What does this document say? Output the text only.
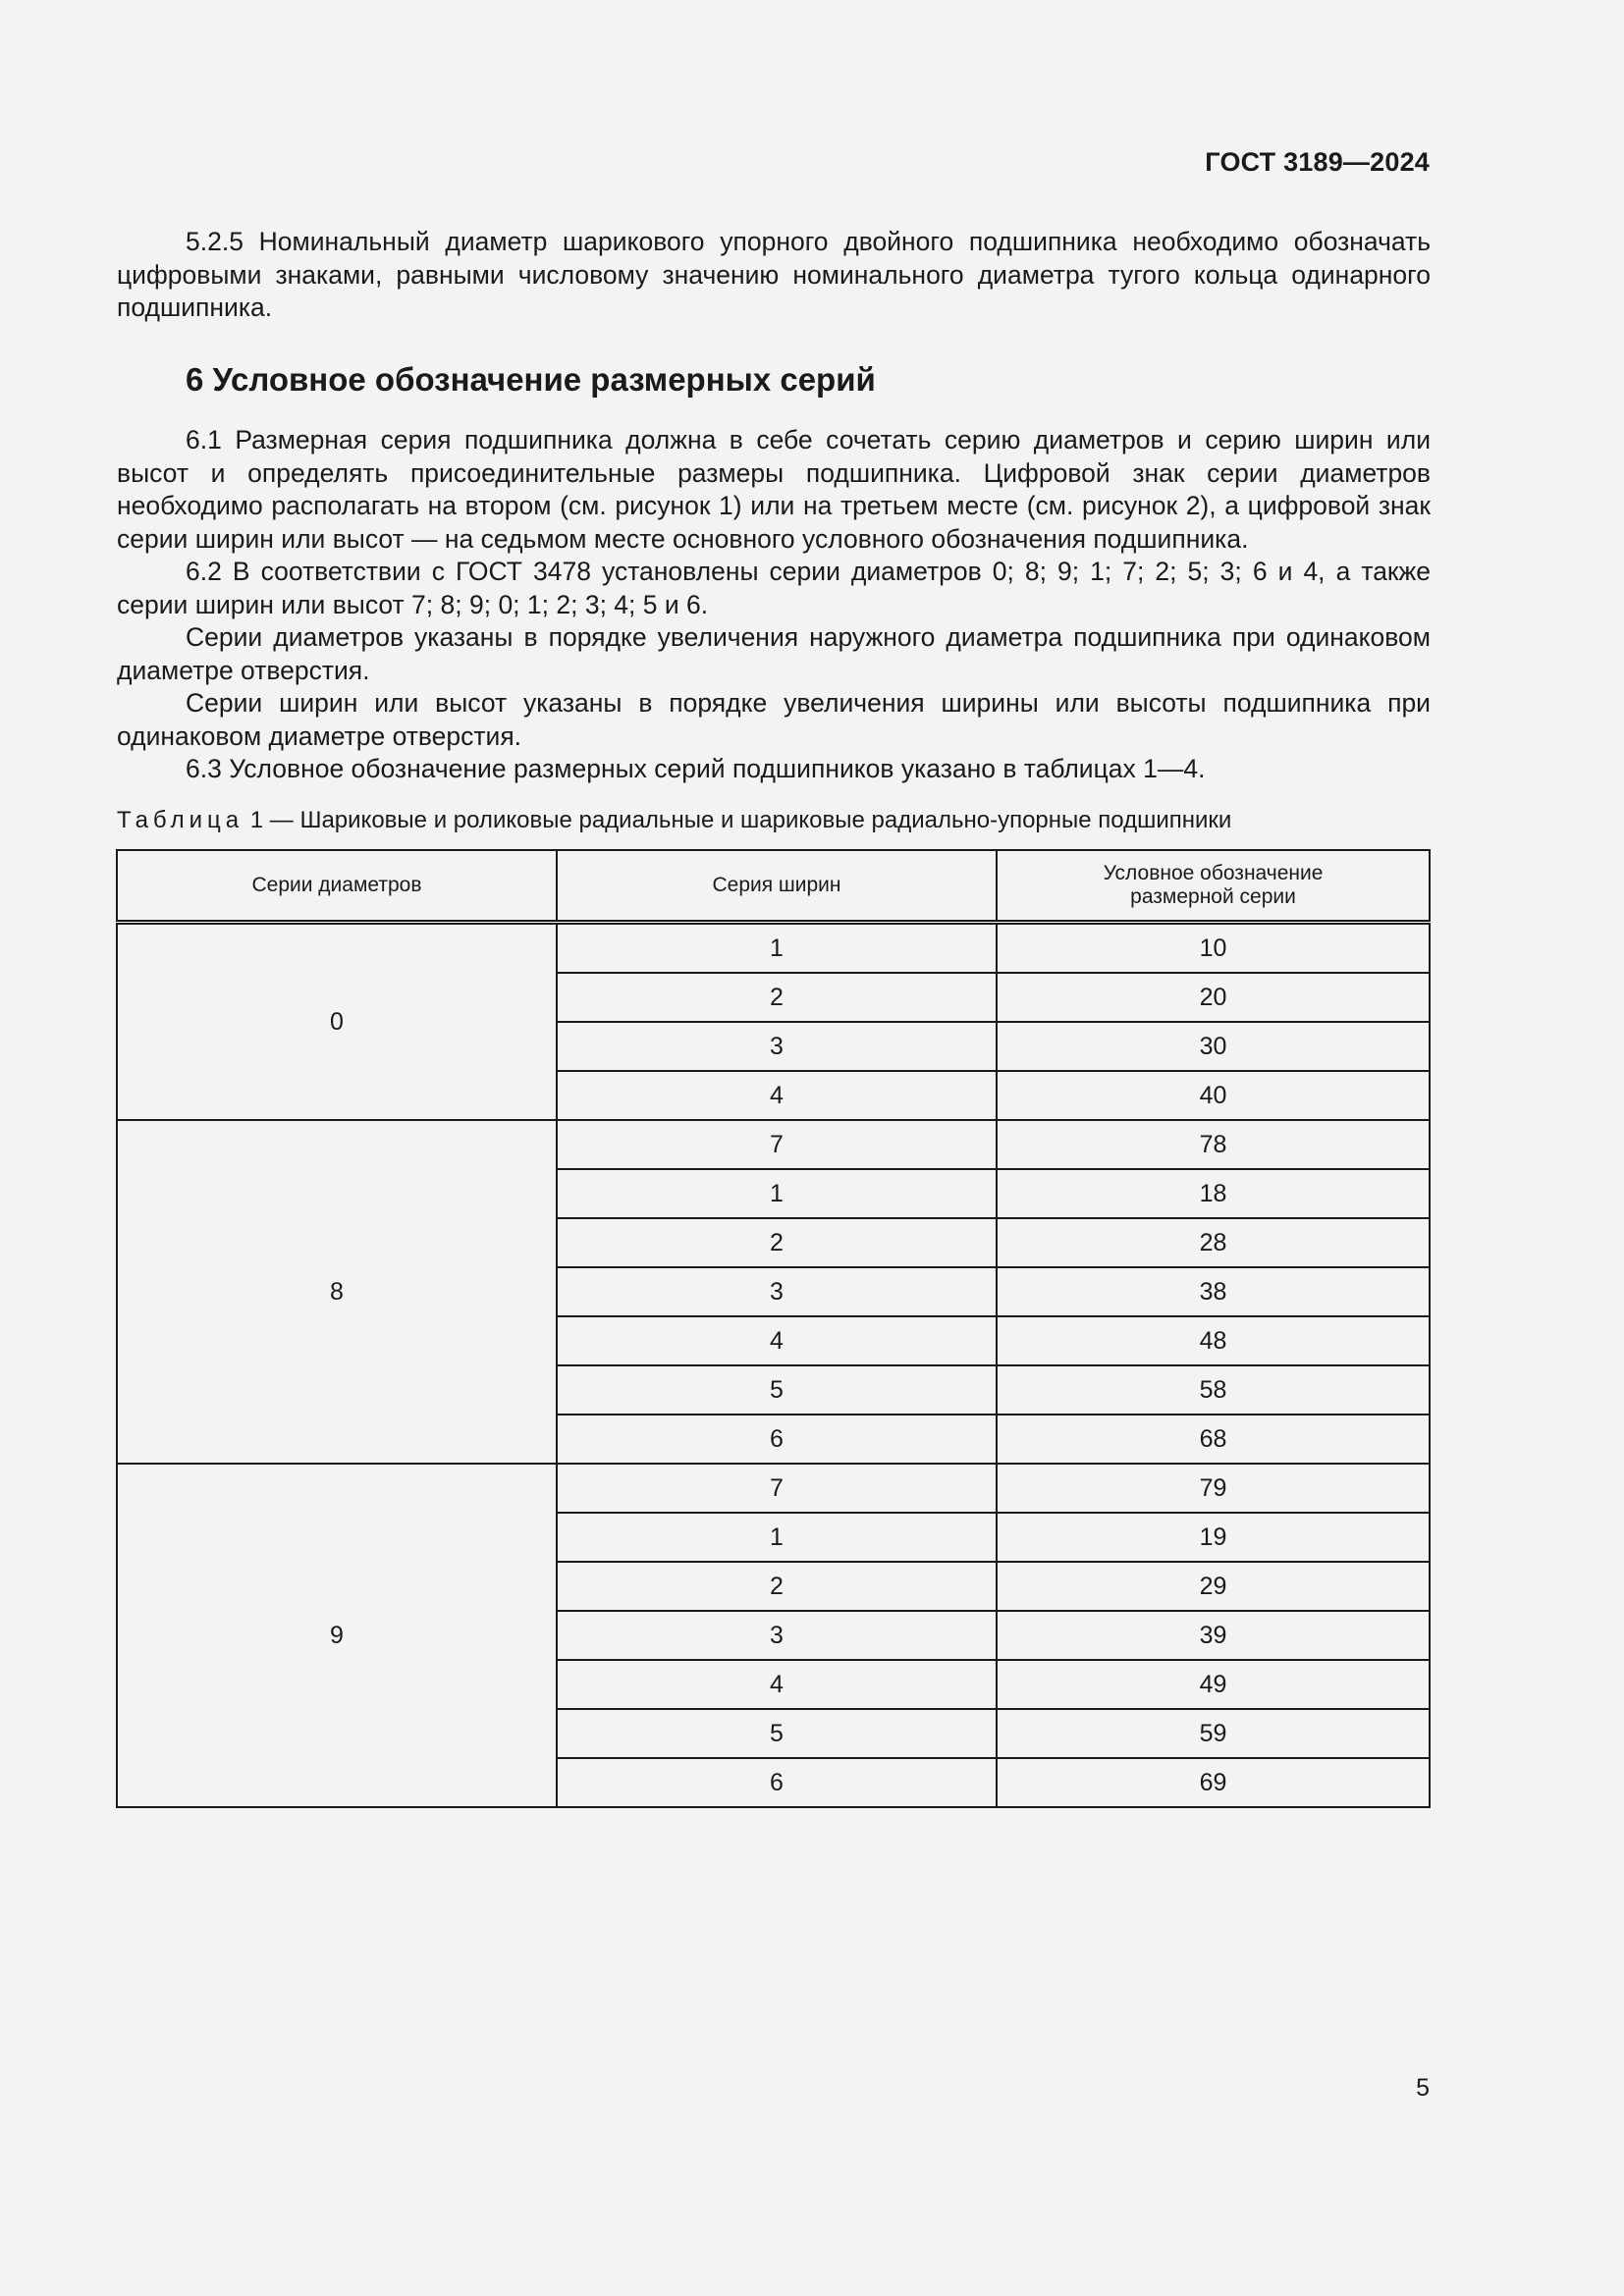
ГОСТ 3189—2024

5.2.5 Номинальный диаметр шарикового упорного двойного подшипника необходимо обозначать цифровыми знаками, равными числовому значению номинального диаметра тугого кольца одинарного подшипника.

6 Условное обозначение размерных серий

6.1 Размерная серия подшипника должна в себе сочетать серию диаметров и серию ширин или высот и определять присоединительные размеры подшипника. Цифровой знак серии диаметров необходимо располагать на втором (см. рисунок 1) или на третьем месте (см. рисунок 2), а цифровой знак серии ширин или высот — на седьмом месте основного условного обозначения подшипника.

6.2 В соответствии с ГОСТ 3478 установлены серии диаметров 0; 8; 9; 1; 7; 2; 5; 3; 6 и 4, а также серии ширин или высот 7; 8; 9; 0; 1; 2; 3; 4; 5 и 6.

Серии диаметров указаны в порядке увеличения наружного диаметра подшипника при одинаковом диаметре отверстия.

Серии ширин или высот указаны в порядке увеличения ширины или высоты подшипника при одинаковом диаметре отверстия.

6.3 Условное обозначение размерных серий подшипников указано в таблицах 1—4.

Таблица 1 — Шариковые и роликовые радиальные и шариковые радиально-упорные подшипники
Серии диаметров	Серия ширин	Условное обозначение размерной серии

0	1	10
	2	20
	3	30
	4	40
8	7	78
	1	18
	2	28
	3	38
	4	48
	5	58
	6	68
9	7	79
	1	19
	2	29
	3	39
	4	49
	5	59
	6	69
5
